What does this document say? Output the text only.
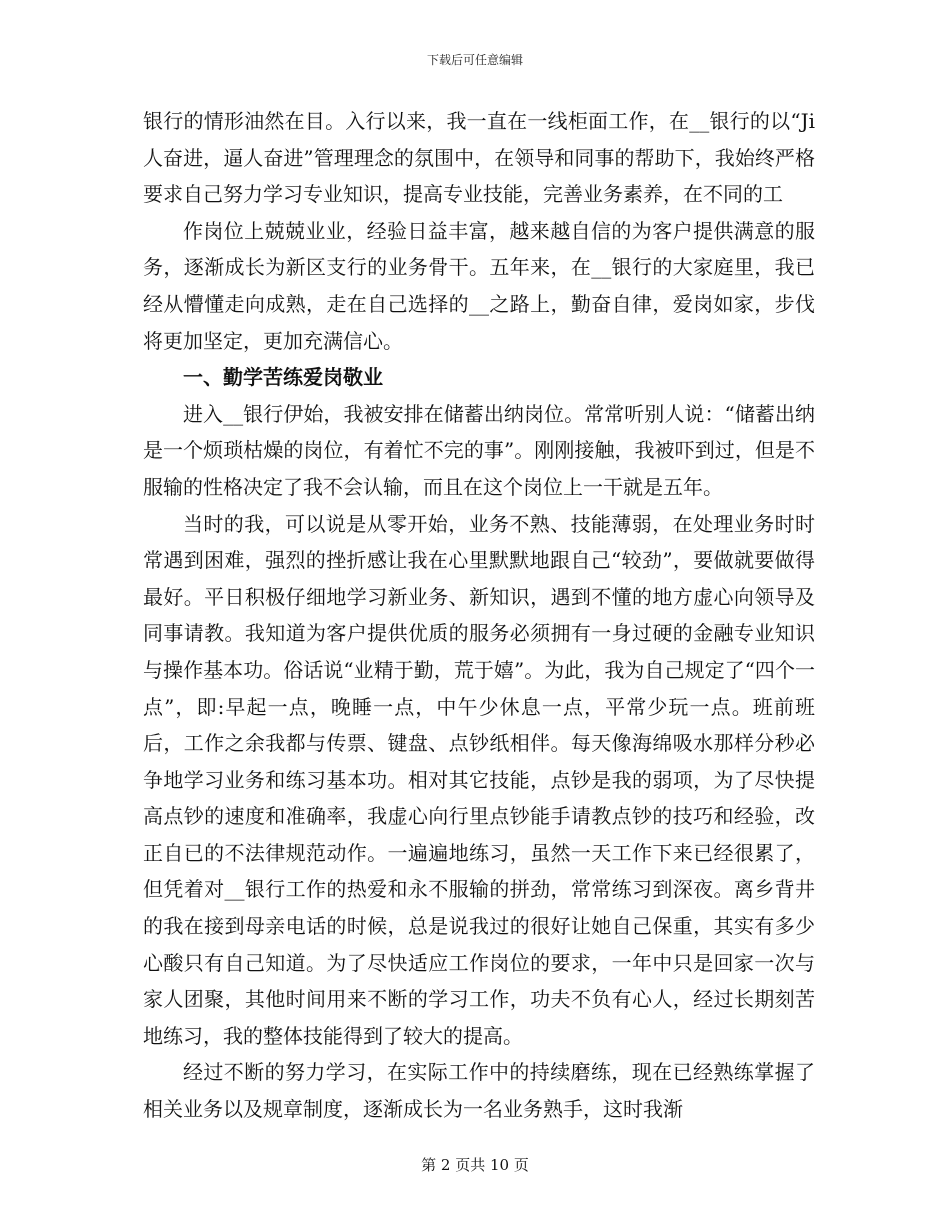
下载后可任意编辑

银行的情形油然在目。入行以来，我一直在一线柜面工作，在__银行的以“Ji人奋进，逼人奋进”管理理念的氛围中，在领导和同事的帮助下，我始终严格要求自己努力学习专业知识，提高专业技能，完善业务素养，在不同的工

作岗位上兢兢业业，经验日益丰富，越来越自信的为客户提供满意的服务，逐渐成长为新区支行的业务骨干。五年来，在__银行的大家庭里，我已经从懵懂走向成熟，走在自己选择的__之路上，勤奋自律，爱岗如家，步伐将更加坚定，更加充满信心。

一、勤学苦练爱岗敬业

进入__银行伊始，我被安排在储蓄出纳岗位。常常听别人说：“储蓄出纳是一个烦琐枯燥的岗位，有着忙不完的事”。刚刚接触，我被吓到过，但是不服输的性格决定了我不会认输，而且在这个岗位上一干就是五年。

当时的我，可以说是从零开始，业务不熟、技能薄弱，在处理业务时时常遇到困难，强烈的挫折感让我在心里默默地跟自己“较劲”，要做就要做得最好。平日积极仔细地学习新业务、新知识，遇到不懂的地方虚心向领导及同事请教。我知道为客户提供优质的服务必须拥有一身过硬的金融专业知识与操作基本功。俗话说“业精于勤，荒于嬉”。为此，我为自己规定了“四个一点”，即:早起一点，晚睡一点，中午少休息一点，平常少玩一点。班前班后，工作之余我都与传票、键盘、点钞纸相伴。每天像海绵吸水那样分秒必争地学习业务和练习基本功。相对其它技能，点钞是我的弱项，为了尽快提高点钞的速度和准确率，我虚心向行里点钞能手请教点钞的技巧和经验，改正自已的不法律规范动作。一遍遍地练习，虽然一天工作下来已经很累了，但凭着对__银行工作的热爱和永不服输的拼劲，常常练习到深夜。离乡背井的我在接到母亲电话的时候，总是说我过的很好让她自己保重，其实有多少心酸只有自己知道。为了尽快适应工作岗位的要求，一年中只是回家一次与家人团聚，其他时间用来不断的学习工作，功夫不负有心人，经过长期刻苦地练习，我的整体技能得到了较大的提高。

经过不断的努力学习，在实际工作中的持续磨练，现在已经熟练掌握了相关业务以及规章制度，逐渐成长为一名业务熟手，这时我渐

第 2 页共 10 页
